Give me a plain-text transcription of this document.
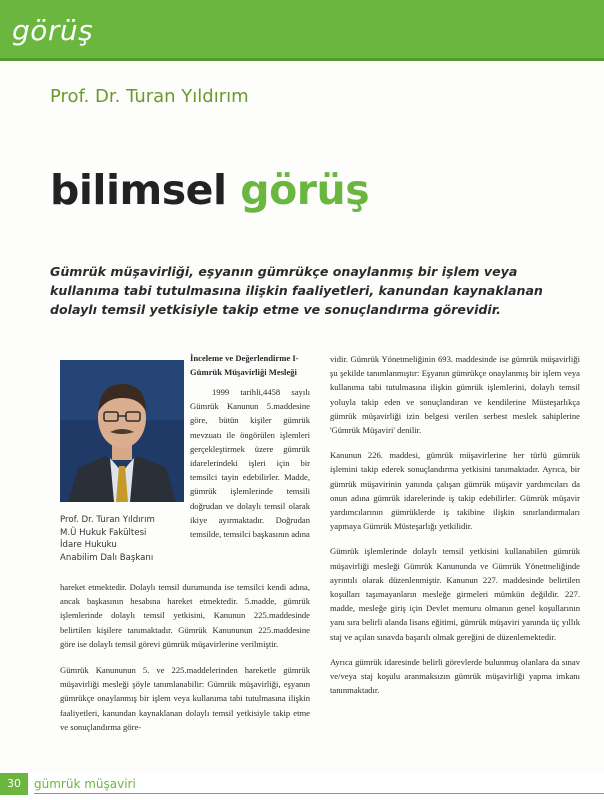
görüş
Prof. Dr. Turan Yıldırım
bilimsel görüş
Gümrük müşavirliği, eşyanın gümrükçe onaylanmış bir işlem veya kullanıma tabi tutulmasına ilişkin faaliyetleri, kanundan kaynaklanan dolaylı temsil yetkisiyle takip etme ve sonuçlandırma görevidir.
Prof. Dr. Turan Yıldırım
M.Ü Hukuk Fakültesi
İdare Hukuku
Anabilim Dalı Başkanı

İnceleme ve Değerlendirme I- Gümrük Müşavirliği Mesleği

1999 tarihli,4458 sayılı Gümrük Kanunun 5.maddesine göre, bütün kişiler gümrük mevzuatı ile öngörülen işlemleri gerçekleştirmek üzere gümrük idarelerindeki işleri için bir temsilci tayin edebilirler. Madde, gümrük işlemlerinde temsili doğrudan ve dolaylı temsil olarak ikiye ayırmaktadır. Doğrudan temsilde, temsilci başkasının adına

hareket etmektedir. Dolaylı temsil durumunda ise temsilci kendi adına, ancak başkasının hesabına hareket etmektedir. 5.madde, gümrük işlemlerinde dolaylı temsil yetkisini, Kanunun 225.maddesinde belirtilen kişilere tanımaktadır. Gümrük Kanununun 225.maddesine göre ise dolaylı temsil görevi gümrük müşavirlerine verilmiştir.

Gümrük Kanununun 5. ve 225.maddelerinden hareketle gümrük müşavirliği mesleği şöyle tanımlanabilir: Gümrük müşavirliği, eşyanın gümrükçe onaylanmış bir işlem veya kullanıma tabi tutulmasına ilişkin faaliyetleri, kanundan kaynaklanan dolaylı temsil yetkisiyle takip etme ve sonuçlandırma göre-

vidir. Gümrük Yönetmeliğinin 693. maddesinde ise gümrük müşavirliği şu şekilde tanımlanmıştır: Eşyanın gümrükçe onaylanmış bir işlem veya kullanıma tabi tutulmasına ilişkin gümrük işlemlerini, dolaylı temsil yoluyla takip eden ve sonuçlandıran ve kendilerine Müsteşarlıkça gümrük müşavirliği izin belgesi verilen serbest meslek sahiplerine 'Gümrük Müşaviri' denilir.

Kanunun 226. maddesi, gümrük müşavirlerine her türlü gümrük işlemini takip ederek sonuçlandırma yetkisini tanımaktadır. Ayrıca, bir gümrük müşavirinin yanında çalışan gümrük müşavir yardımcıları da onun adına gümrük idarelerinde iş takip edebilirler. Gümrük müşavir yardımcılarının gümrüklerde iş takibine ilişkin sınırlandırmaları yapmaya Gümrük Müsteşarlığı yetkilidir.

Gümrük işlemlerinde dolaylı temsil yetkisini kullanabilen gümrük müşavirliği mesleği Gümrük Kanununda ve Gümrük Yönetmeliğinde ayrıntılı olarak düzenlenmiştir. Kanunun 227. maddesinde belirtilen koşulları taşımayanların mesleğe girmeleri mümkün değildir. 227. madde, mesleğe giriş için Devlet memuru olmanın genel koşullarının yanı sıra belirli alanda lisans eğitimi, gümrük müşaviri yanında üç yıllık staj ve açılan sınavda başarılı olmak gereğini de düzenlemektedir.

Ayrıca gümrük idaresinde belirli görevlerde bulunmuş olanlara da sınav ve/veya staj koşulu aranmaksızın gümrük müşavirliği yapma imkanı tanınmaktadır.

30	gümrük müşaviri
